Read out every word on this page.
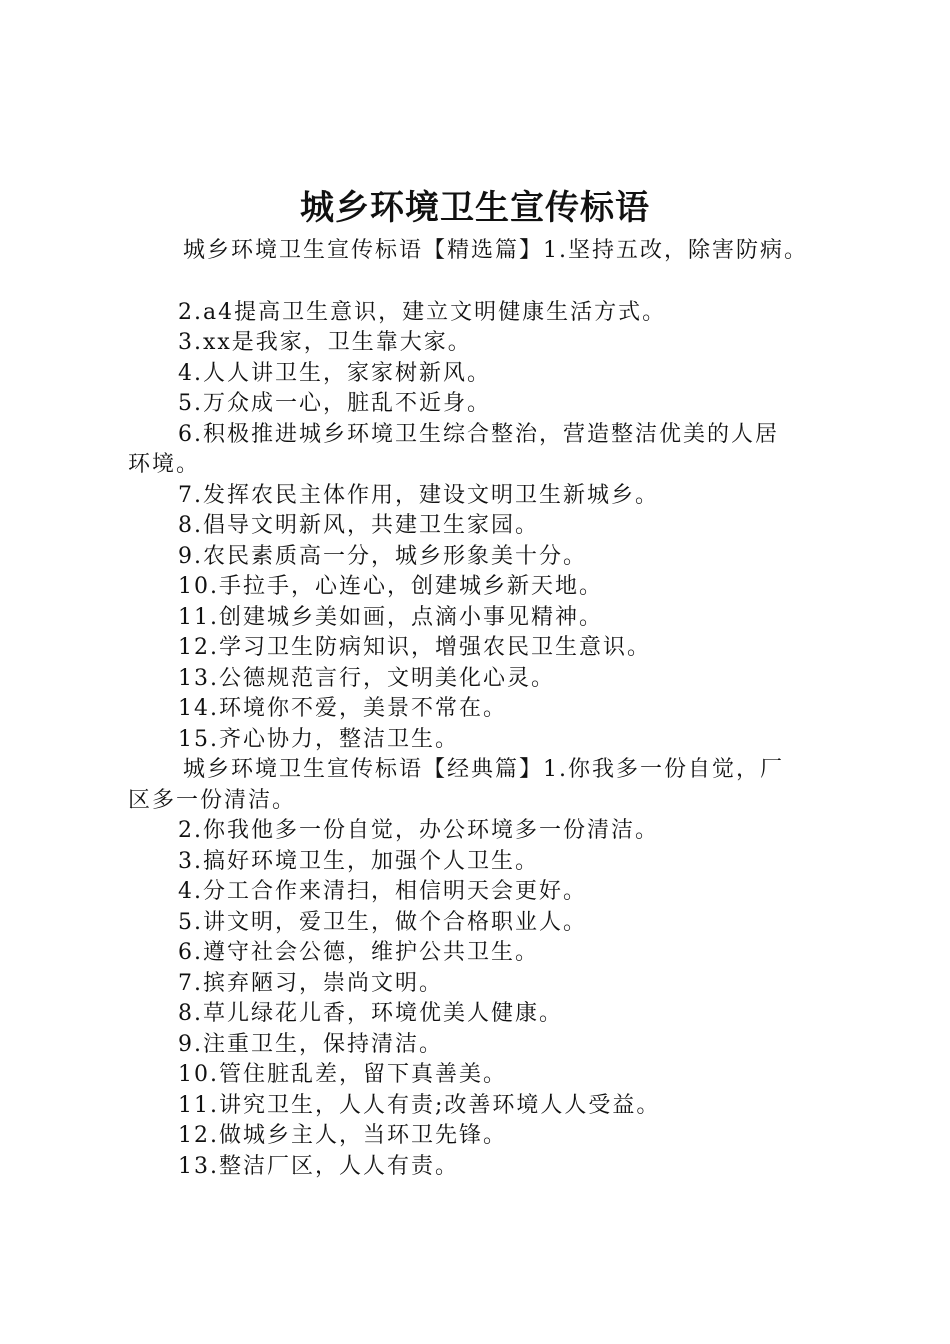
城乡环境卫生宣传标语
城乡环境卫生宣传标语【精选篇】1.坚持五改，除害防病。
2.a4提高卫生意识，建立文明健康生活方式。
3.xx是我家，卫生靠大家。
4.人人讲卫生，家家树新风。
5.万众成一心，脏乱不近身。
6.积极推进城乡环境卫生综合整治，营造整洁优美的人居
环境。
7.发挥农民主体作用，建设文明卫生新城乡。
8.倡导文明新风，共建卫生家园。
9.农民素质高一分，城乡形象美十分。
10.手拉手，心连心，创建城乡新天地。
11.创建城乡美如画，点滴小事见精神。
12.学习卫生防病知识，增强农民卫生意识。
13.公德规范言行，文明美化心灵。
14.环境你不爱，美景不常在。
15.齐心协力，整洁卫生。
城乡环境卫生宣传标语【经典篇】1.你我多一份自觉，厂
区多一份清洁。
2.你我他多一份自觉，办公环境多一份清洁。
3.搞好环境卫生，加强个人卫生。
4.分工合作来清扫，相信明天会更好。
5.讲文明，爱卫生，做个合格职业人。
6.遵守社会公德，维护公共卫生。
7.摈弃陋习，崇尚文明。
8.草儿绿花儿香，环境优美人健康。
9.注重卫生，保持清洁。
10.管住脏乱差，留下真善美。
11.讲究卫生，人人有责;改善环境人人受益。
12.做城乡主人，当环卫先锋。
13.整洁厂区，人人有责。
